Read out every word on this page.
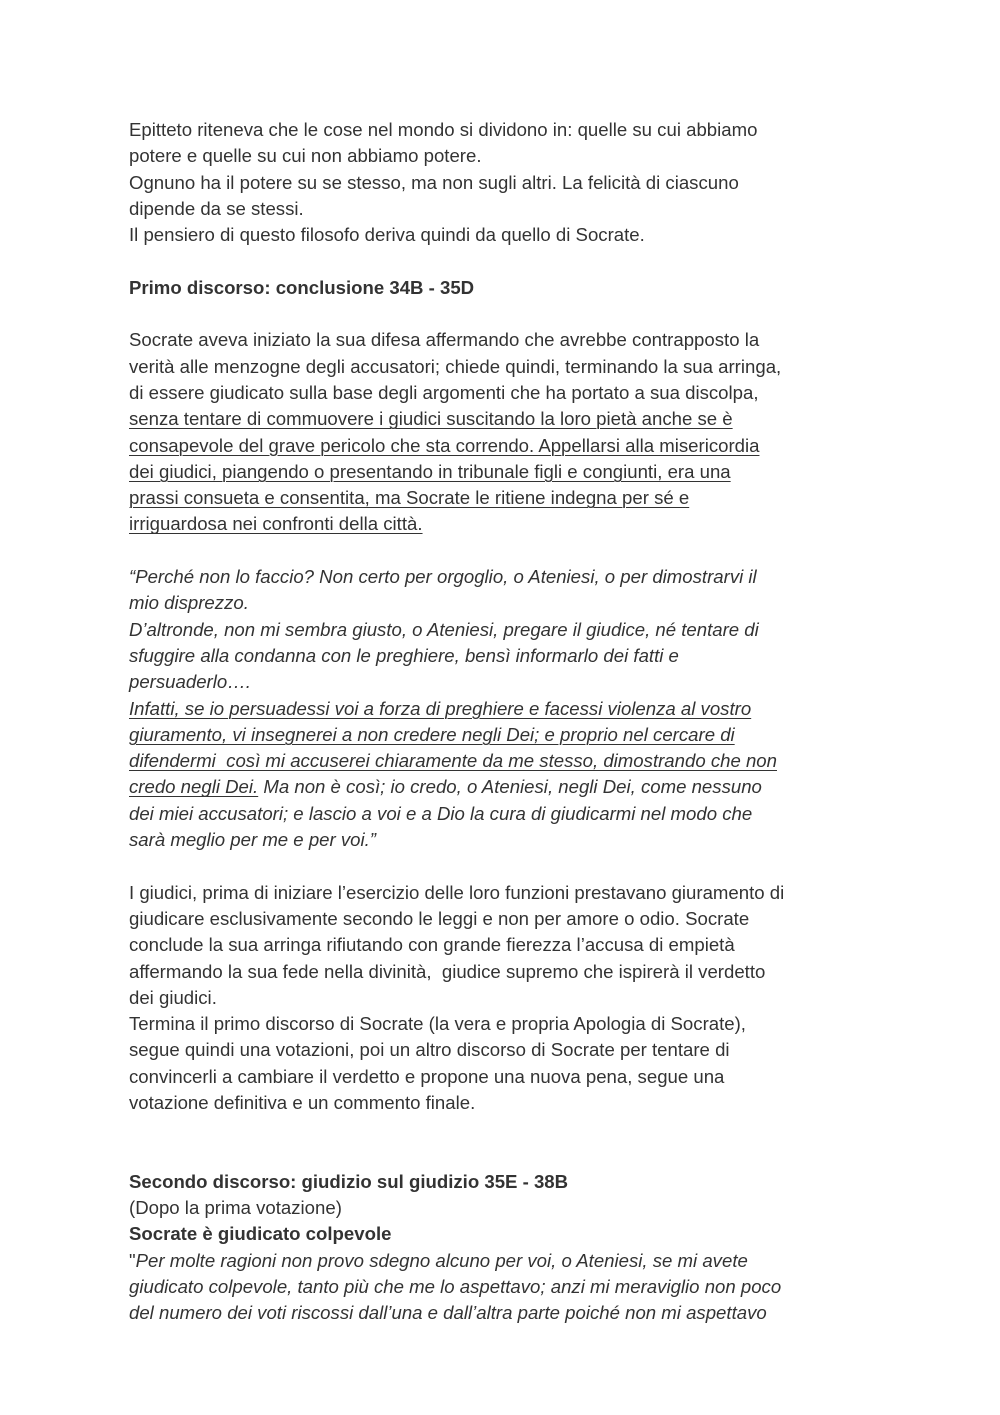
Epitteto riteneva che le cose nel mondo si dividono in: quelle su cui abbiamo
potere e quelle su cui non abbiamo potere.
Ognuno ha il potere su se stesso, ma non sugli altri. La felicità di ciascuno
dipende da se stessi.
Il pensiero di questo filosofo deriva quindi da quello di Socrate.
Primo discorso: conclusione 34B - 35D
Socrate aveva iniziato la sua difesa affermando che avrebbe contrapposto la
verità alle menzogne degli accusatori; chiede quindi, terminando la sua arringa,
di essere giudicato sulla base degli argomenti che ha portato a sua discolpa,
senza tentare di commuovere i giudici suscitando la loro pietà anche se è
consapevole del grave pericolo che sta correndo. Appellarsi alla misericordia
dei giudici, piangendo o presentando in tribunale figli e congiunti, era una
prassi consueta e consentita, ma Socrate le ritiene indegna per sé e
irriguardosa nei confronti della città.
“Perché non lo faccio? Non certo per orgoglio, o Ateniesi, o per dimostrarvi il
mio disprezzo.
D’altronde, non mi sembra giusto, o Ateniesi, pregare il giudice, né tentare di
sfuggire alla condanna con le preghiere, bensì informarlo dei fatti e
persuaderlo….
Infatti, se io persuadessi voi a forza di preghiere e facessi violenza al vostro
giuramento, vi insegnerei a non credere negli Dei; e proprio nel cercare di
difendermi  così mi accuserei chiaramente da me stesso, dimostrando che non
credo negli Dei. Ma non è così; io credo, o Ateniesi, negli Dei, come nessuno
dei miei accusatori; e lascio a voi e a Dio la cura di giudicarmi nel modo che
sarà meglio per me e per voi.”
I giudici, prima di iniziare l’esercizio delle loro funzioni prestavano giuramento di
giudicare esclusivamente secondo le leggi e non per amore o odio. Socrate
conclude la sua arringa rifiutando con grande fierezza l’accusa di empietà
affermando la sua fede nella divinità,  giudice supremo che ispirerà il verdetto
dei giudici.
Termina il primo discorso di Socrate (la vera e propria Apologia di Socrate),
segue quindi una votazioni, poi un altro discorso di Socrate per tentare di
convincerli a cambiare il verdetto e propone una nuova pena, segue una
votazione definitiva e un commento finale.
Secondo discorso: giudizio sul giudizio 35E - 38B
(Dopo la prima votazione)
Socrate è giudicato colpevole
"Per molte ragioni non provo sdegno alcuno per voi, o Ateniesi, se mi avete
giudicato colpevole, tanto più che me lo aspettavo; anzi mi meraviglio non poco
del numero dei voti riscossi dall’una e dall’altra parte poiché non mi aspettavo
